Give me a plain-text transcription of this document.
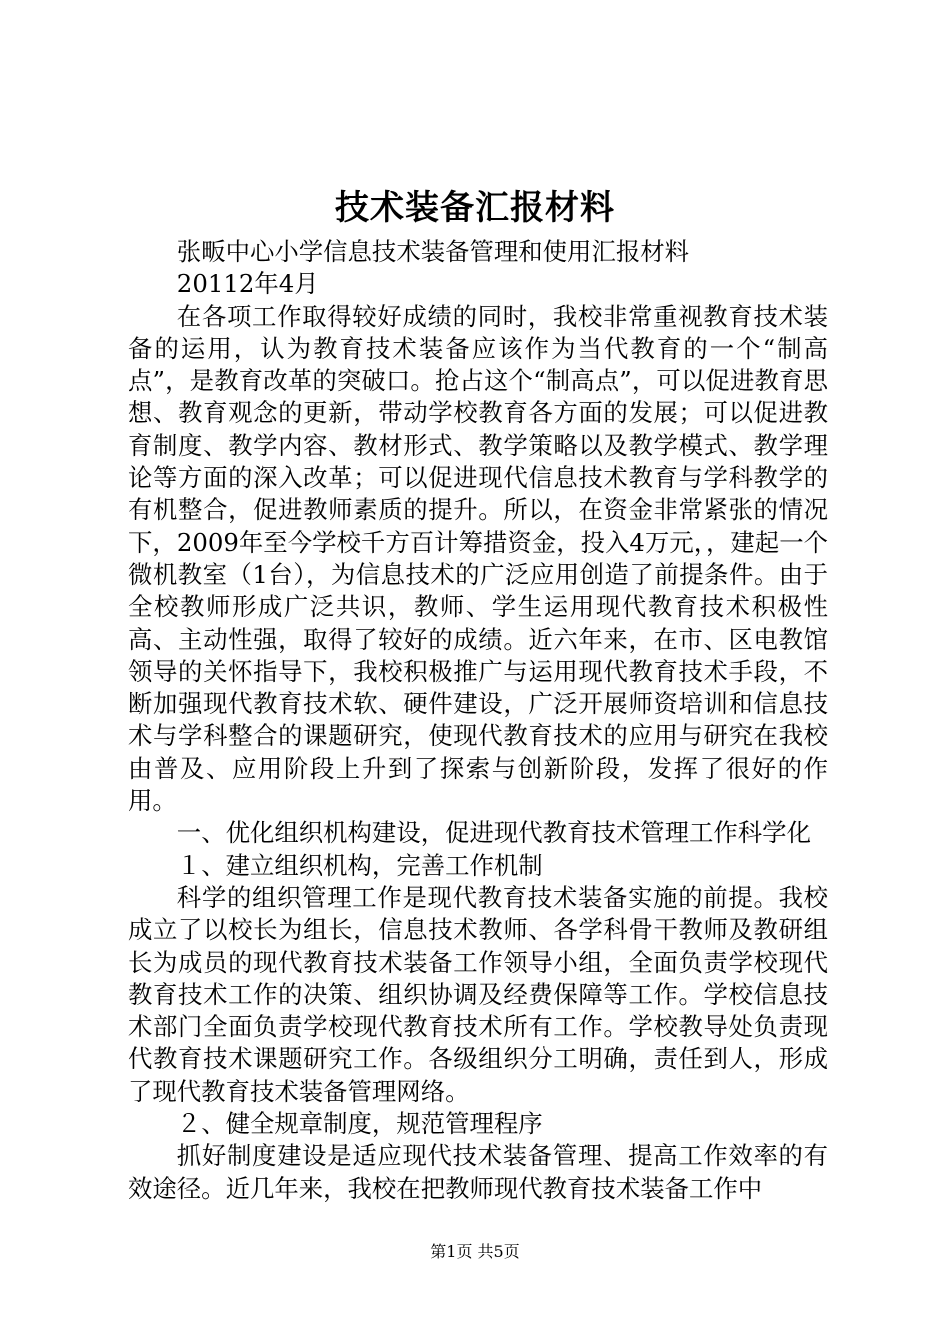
技术装备汇报材料

张畈中心小学信息技术装备管理和使用汇报材料

20112年4月

在各项工作取得较好成绩的同时，我校非常重视教育技术装备的运用，认为教育技术装备应该作为当代教育的一个“制高点”，是教育改革的突破口。抢占这个“制高点”，可以促进教育思想、教育观念的更新，带动学校教育各方面的发展；可以促进教育制度、教学内容、教材形式、教学策略以及教学模式、教学理论等方面的深入改革；可以促进现代信息技术教育与学科教学的有机整合，促进教师素质的提升。所以，在资金非常紧张的情况下，2009年至今学校千方百计筹措资金，投入4万元，，建起一个微机教室（1台），为信息技术的广泛应用创造了前提条件。由于全校教师形成广泛共识，教师、学生运用现代教育技术积极性高、主动性强，取得了较好的成绩。近六年来，在市、区电教馆领导的关怀指导下，我校积极推广与运用现代教育技术手段，不断加强现代教育技术软、硬件建设，广泛开展师资培训和信息技术与学科整合的课题研究，使现代教育技术的应用与研究在我校由普及、应用阶段上升到了探索与创新阶段，发挥了很好的作用。

一、优化组织机构建设，促进现代教育技术管理工作科学化

１、建立组织机构，完善工作机制

科学的组织管理工作是现代教育技术装备实施的前提。我校成立了以校长为组长，信息技术教师、各学科骨干教师及教研组长为成员的现代教育技术装备工作领导小组，全面负责学校现代教育技术工作的决策、组织协调及经费保障等工作。学校信息技术部门全面负责学校现代教育技术所有工作。学校教导处负责现代教育技术课题研究工作。各级组织分工明确，责任到人，形成了现代教育技术装备管理网络。

２、健全规章制度，规范管理程序

抓好制度建设是适应现代技术装备管理、提高工作效率的有效途径。近几年来，我校在把教师现代教育技术装备工作中

第1页 共5页
